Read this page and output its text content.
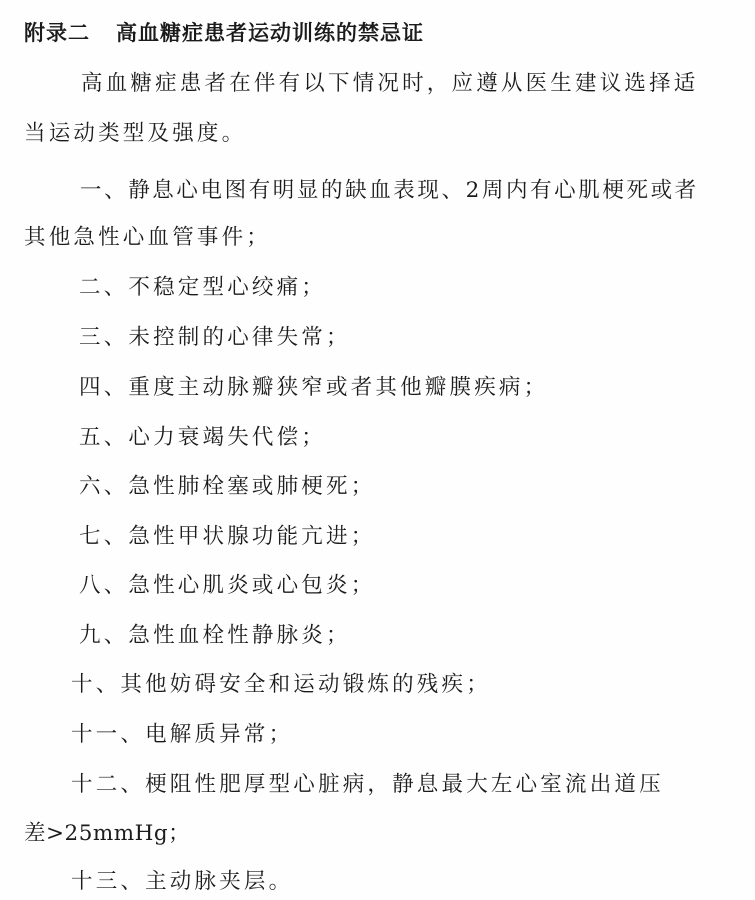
附录二 高血糖症患者运动训练的禁忌证
高血糖症患者在伴有以下情况时，应遵从医生建议选择适
当运动类型及强度。
一、静息心电图有明显的缺血表现、2周内有心肌梗死或者
其他急性心血管事件；
二、不稳定型心绞痛；
三、未控制的心律失常；
四、重度主动脉瓣狭窄或者其他瓣膜疾病；
五、心力衰竭失代偿；
六、急性肺栓塞或肺梗死；
七、急性甲状腺功能亢进；
八、急性心肌炎或心包炎；
九、急性血栓性静脉炎；
十、其他妨碍安全和运动锻炼的残疾；
十一、电解质异常；
十二、梗阻性肥厚型心脏病，静息最大左心室流出道压
差>25mmHg；
十三、主动脉夹层。
